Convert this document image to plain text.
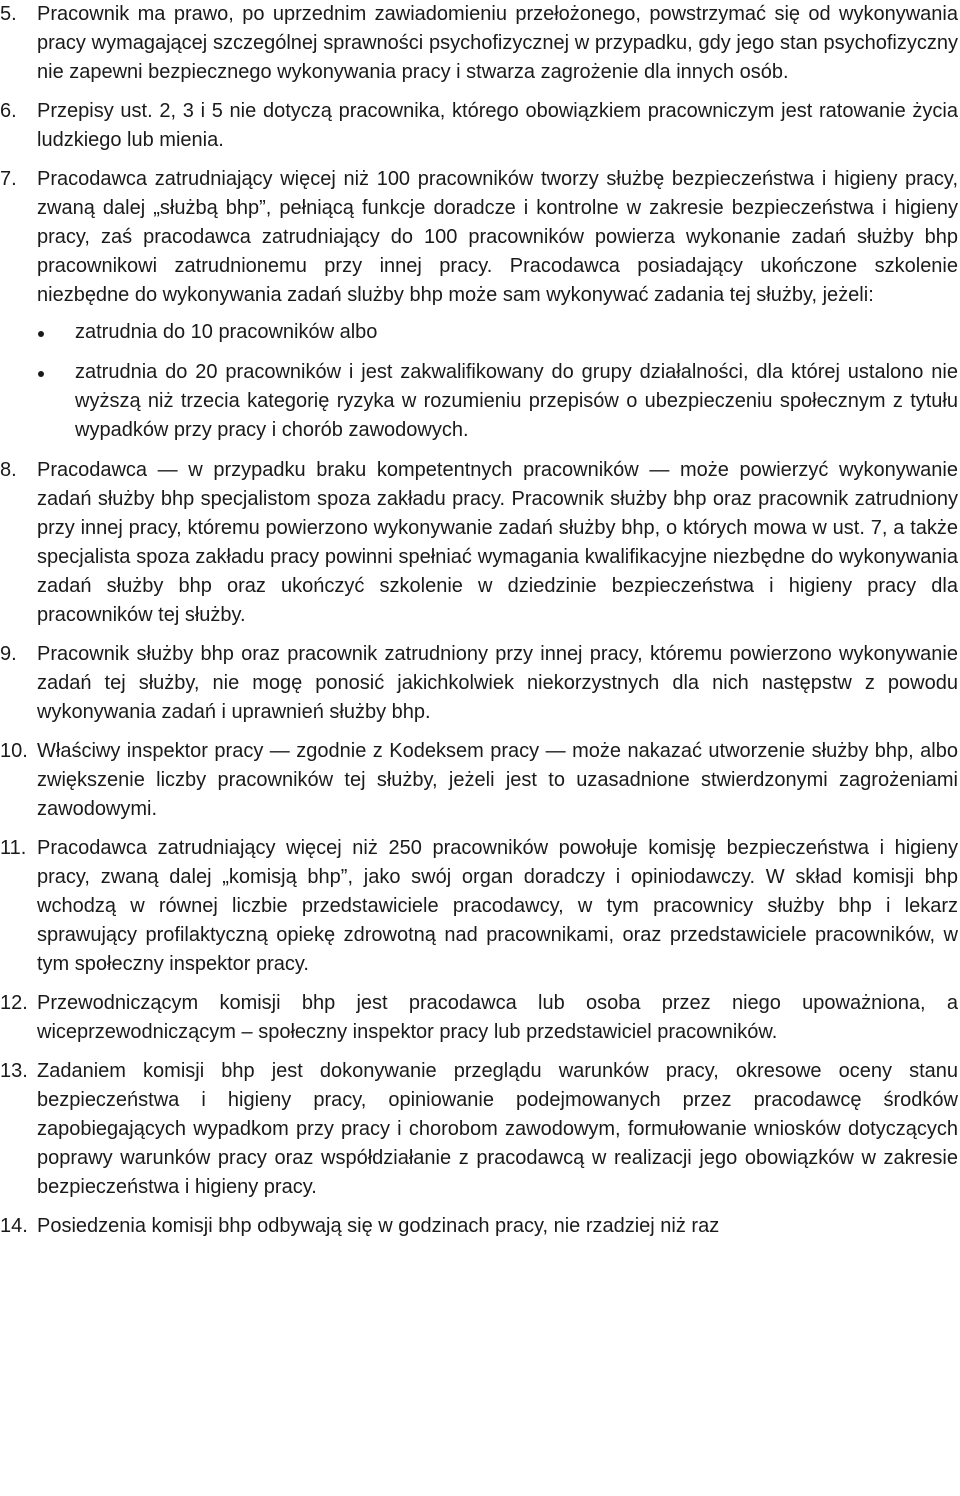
5. Pracownik ma prawo, po uprzednim zawiadomieniu przełożonego, powstrzymać się od wykonywania pracy wymagającej szczególnej sprawności psychofizycznej w przypadku, gdy jego stan psychofizyczny nie zapewni bezpiecznego wykonywania pracy i stwarza zagrożenie dla innych osób.
6. Przepisy ust. 2, 3 i 5 nie dotyczą pracownika, którego obowiązkiem pracowniczym jest ratowanie życia ludzkiego lub mienia.
7. Pracodawca zatrudniający więcej niż 100 pracowników tworzy służbę bezpieczeństwa i higieny pracy, zwaną dalej „służbą bhp”, pełniącą funkcje doradcze i kontrolne w zakresie bezpieczeństwa i higieny pracy, zaś pracodawca zatrudniający do 100 pracowników powierza wykonanie zadań służby bhp pracownikowi zatrudnionemu przy innej pracy. Pracodawca posiadający ukończone szkolenie niezbędne do wykonywania zadań slużby bhp może sam wykonywać zadania tej służby, jeżeli:
zatrudnia do 10 pracowników albo
zatrudnia do 20 pracowników i jest zakwalifikowany do grupy działalności, dla której ustalono nie wyższą niż trzecia kategorię ryzyka w rozumieniu przepisów o ubezpieczeniu społecznym z tytułu wypadków przy pracy i chorób zawodowych.
8. Pracodawca — w przypadku braku kompetentnych pracowników — może powierzyć wykonywanie zadań służby bhp specjalistom spoza zakładu pracy. Pracownik służby bhp oraz pracownik zatrudniony przy innej pracy, któremu powierzono wykonywanie zadań służby bhp, o których mowa w ust. 7, a także specjalista spoza zakładu pracy powinni spełniać wymagania kwalifikacyjne niezbędne do wykonywania zadań służby bhp oraz ukończyć szkolenie w dziedzinie bezpieczeństwa i higieny pracy dla pracowników tej służby.
9. Pracownik służby bhp oraz pracownik zatrudniony przy innej pracy, któremu powierzono wykonywanie zadań tej służby, nie mogę ponosić jakichkolwiek niekorzystnych dla nich następstw z powodu wykonywania zadań i uprawnień służby bhp.
10. Właściwy inspektor pracy — zgodnie z Kodeksem pracy — może nakazać utworzenie służby bhp, albo zwiększenie liczby pracowników tej służby, jeżeli jest to uzasadnione stwierdzonymi zagrożeniami zawodowymi.
11. Pracodawca zatrudniający więcej niż 250 pracowników powołuje komisję bezpieczeństwa i higieny pracy, zwaną dalej „komisją bhp”, jako swój organ doradczy i opiniodawczy. W skład komisji bhp wchodzą w równej liczbie przedstawiciele pracodawcy, w tym pracownicy służby bhp i lekarz sprawujący profilaktyczną opiekę zdrowotną nad pracownikami, oraz przedstawiciele pracowników, w tym społeczny inspektor pracy.
12. Przewodniczącym komisji bhp jest pracodawca lub osoba przez niego upoważniona, a wiceprzewodniczącym – społeczny inspektor pracy lub przedstawiciel pracowników.
13. Zadaniem komisji bhp jest dokonywanie przeglądu warunków pracy, okresowe oceny stanu bezpieczeństwa i higieny pracy, opiniowanie podejmowanych przez pracodawcę środków zapobiegających wypadkom przy pracy i chorobom zawodowym, formułowanie wniosków dotyczących poprawy warunków pracy oraz współdziałanie z pracodawcą w realizacji jego obowiązków w zakresie bezpieczeństwa i higieny pracy.
14. Posiedzenia komisji bhp odbywają się w godzinach pracy, nie rzadziej niż raz
